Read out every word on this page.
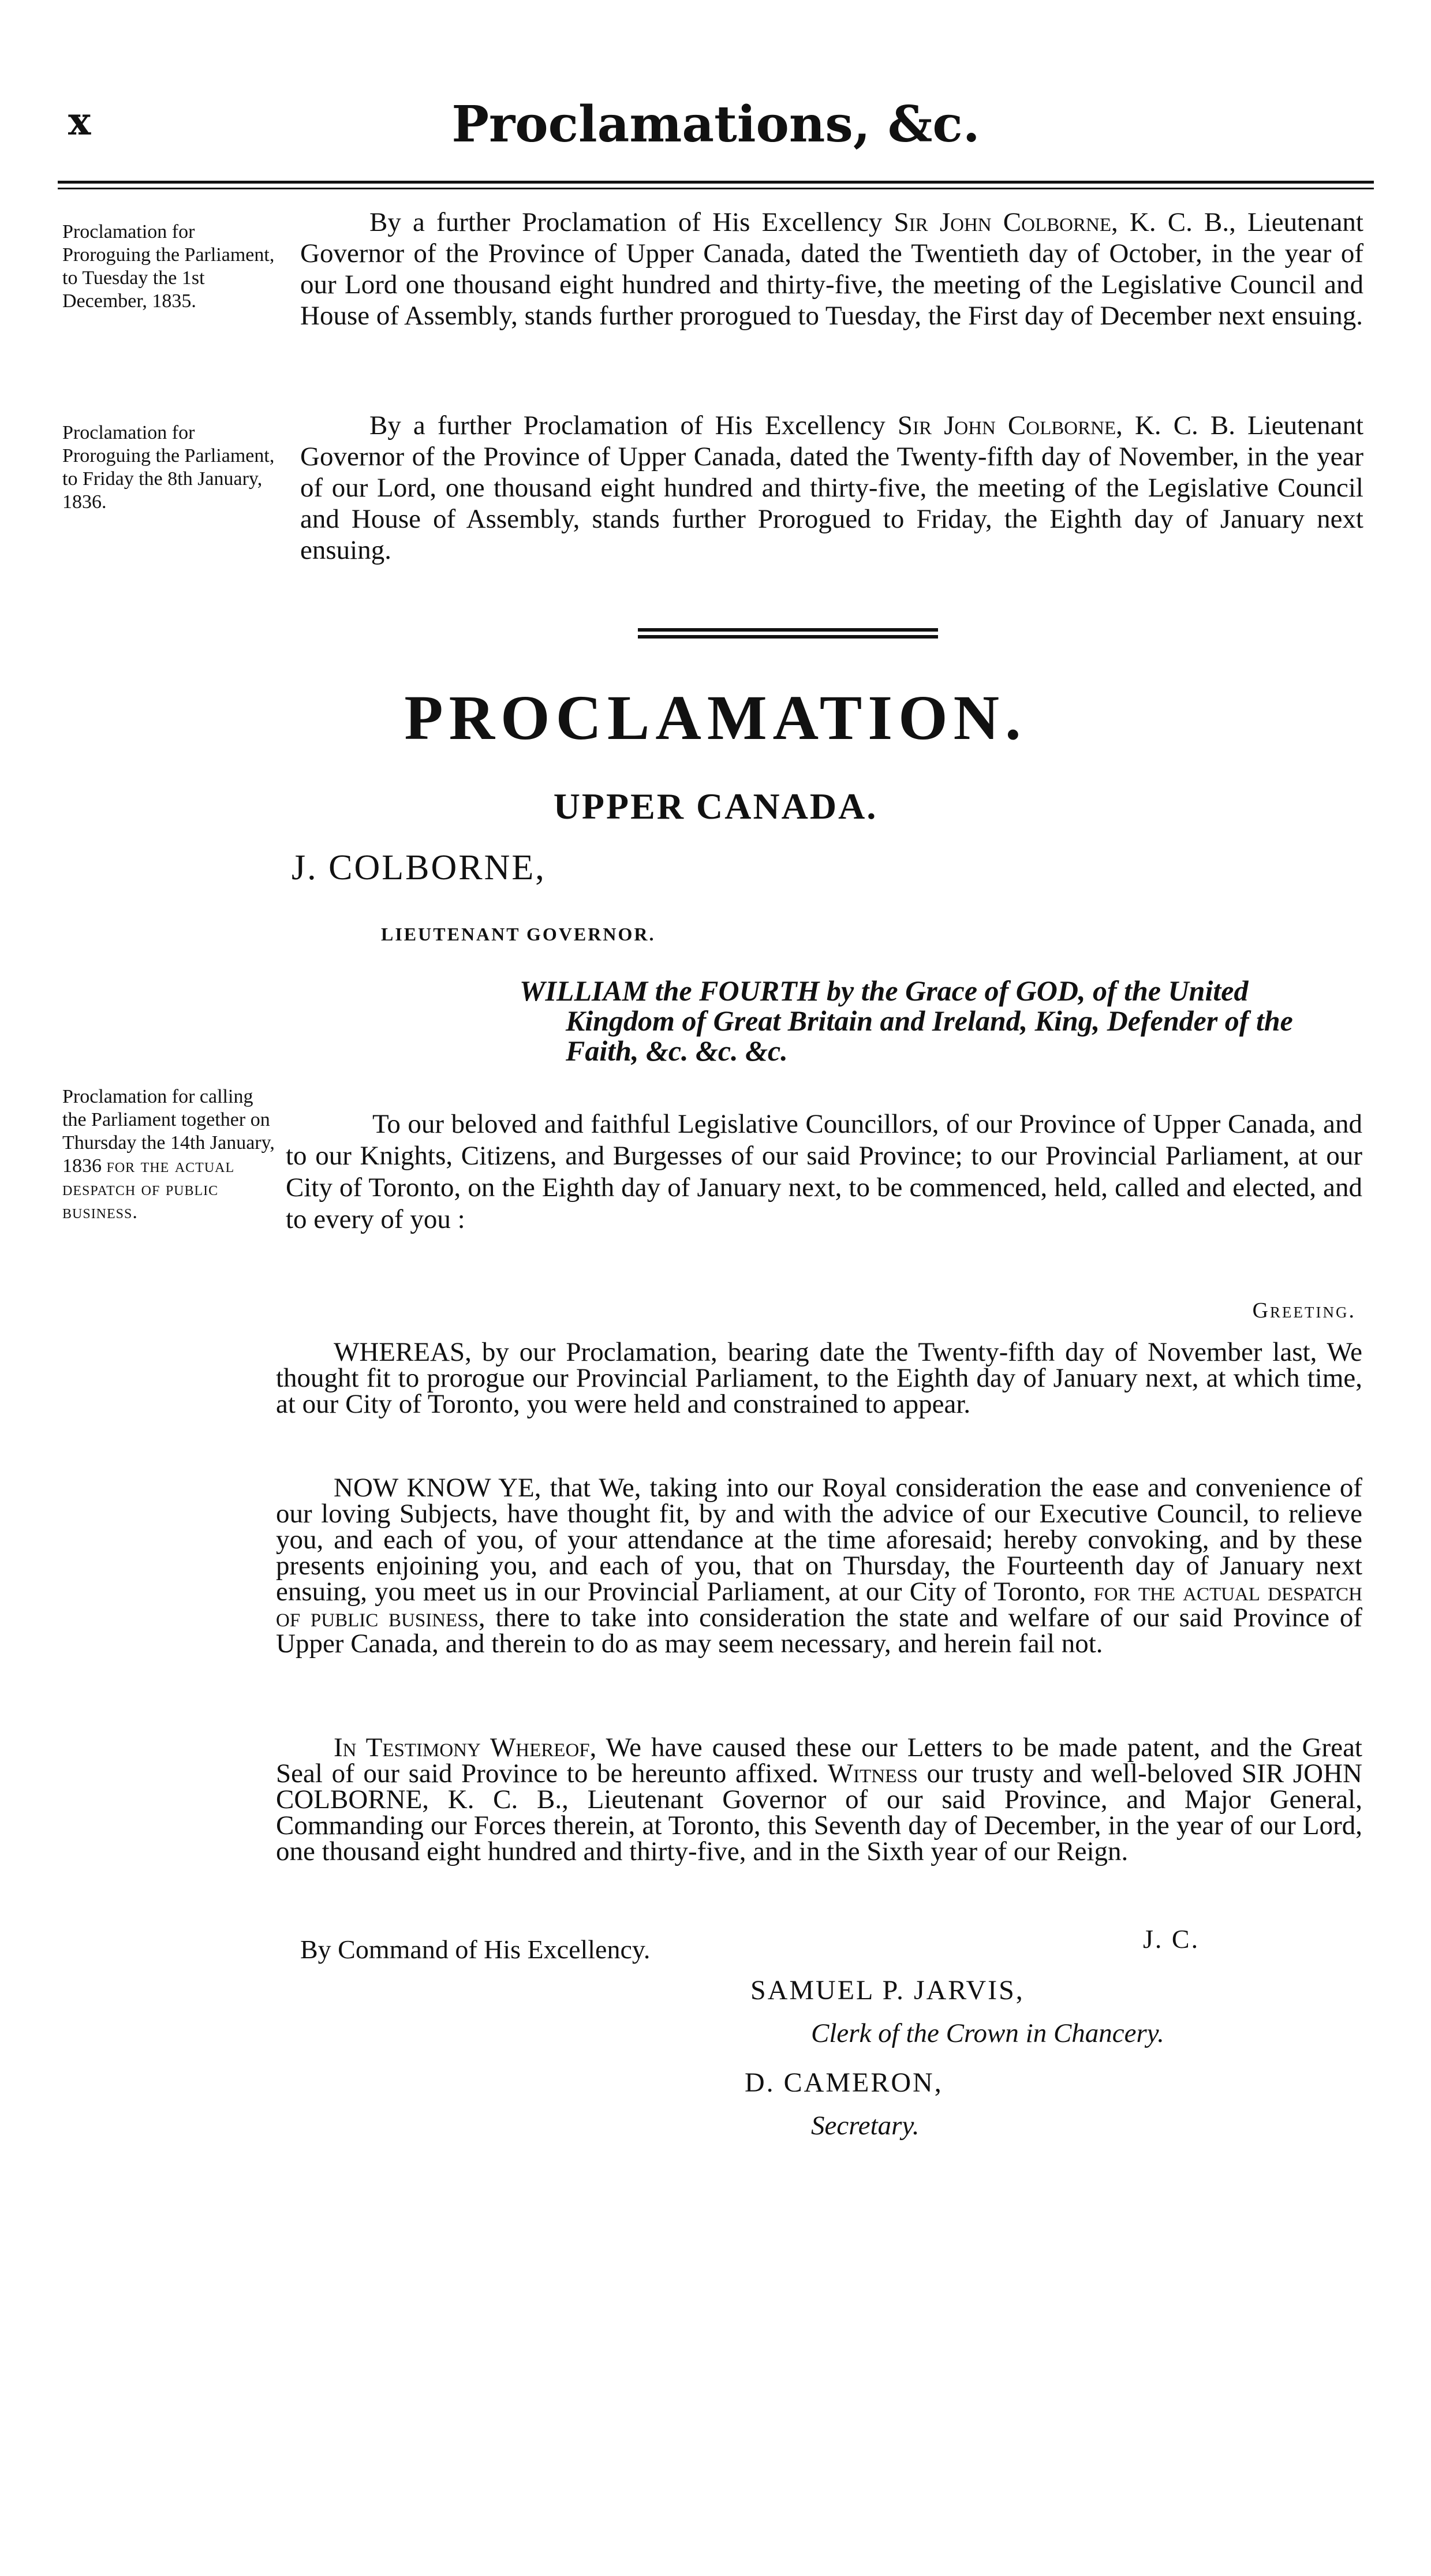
x	Proclamations, &c.
Proclamation for Proroguing the Parliament, to Tuesday the 1st December, 1835.
By a further Proclamation of His Excellency Sir John Colborne, K. C. B., Lieutenant Governor of the Province of Upper Canada, dated the Twentieth day of October, in the year of our Lord one thousand eight hundred and thirty-five, the meeting of the Legislative Council and House of Assembly, stands further prorogued to Tuesday, the First day of December next ensuing.
Proclamation for Proroguing the Parliament, to Friday the 8th January, 1836.
By a further Proclamation of His Excellency Sir John Colborne, K. C. B. Lieutenant Governor of the Province of Upper Canada, dated the Twenty-fifth day of November, in the year of our Lord, one thousand eight hundred and thirty-five, the meeting of the Legislative Council and House of Assembly, stands further Prorogued to Friday, the Eighth day of January next ensuing.
PROCLAMATION.
UPPER CANADA.
J. COLBORNE,
LIEUTENANT GOVERNOR.
WILLIAM the FOURTH by the Grace of GOD, of the United
Kingdom of Great Britain and Ireland, King, Defender of the
Faith, &c. &c. &c.
Proclamation for calling the Parliament together on Thursday the 14th January, 1836 for the actual despatch of public business.
To our beloved and faithful Legislative Councillors, of our Province of Upper Canada, and to our Knights, Citizens, and Burgesses of our said Province; to our Provincial Parliament, at our City of Toronto, on the Eighth day of January next, to be commenced, held, called and elected, and to every of you :
Greeting.
WHEREAS, by our Proclamation, bearing date the Twenty-fifth day of November last, We thought fit to prorogue our Provincial Parliament, to the Eighth day of January next, at which time, at our City of Toronto, you were held and constrained to appear.
NOW KNOW YE, that We, taking into our Royal consideration the ease and convenience of our loving Subjects, have thought fit, by and with the advice of our Executive Council, to relieve you, and each of you, of your attendance at the time aforesaid; hereby convoking, and by these presents enjoining you, and each of you, that on Thursday, the Fourteenth day of January next ensuing, you meet us in our Provincial Parliament, at our City of Toronto, for the actual despatch of public business, there to take into consideration the state and welfare of our said Province of Upper Canada, and therein to do as may seem necessary, and herein fail not.
In Testimony Whereof, We have caused these our Letters to be made patent, and the Great Seal of our said Province to be hereunto affixed. Witness our trusty and well-beloved SIR JOHN COLBORNE, K. C. B., Lieutenant Governor of our said Province, and Major General, Commanding our Forces therein, at Toronto, this Seventh day of December, in the year of our Lord, one thousand eight hundred and thirty-five, and in the Sixth year of our Reign.
J. C.
By Command of His Excellency.
SAMUEL P. JARVIS,
Clerk of the Crown in Chancery.
D. CAMERON,
Secretary.
